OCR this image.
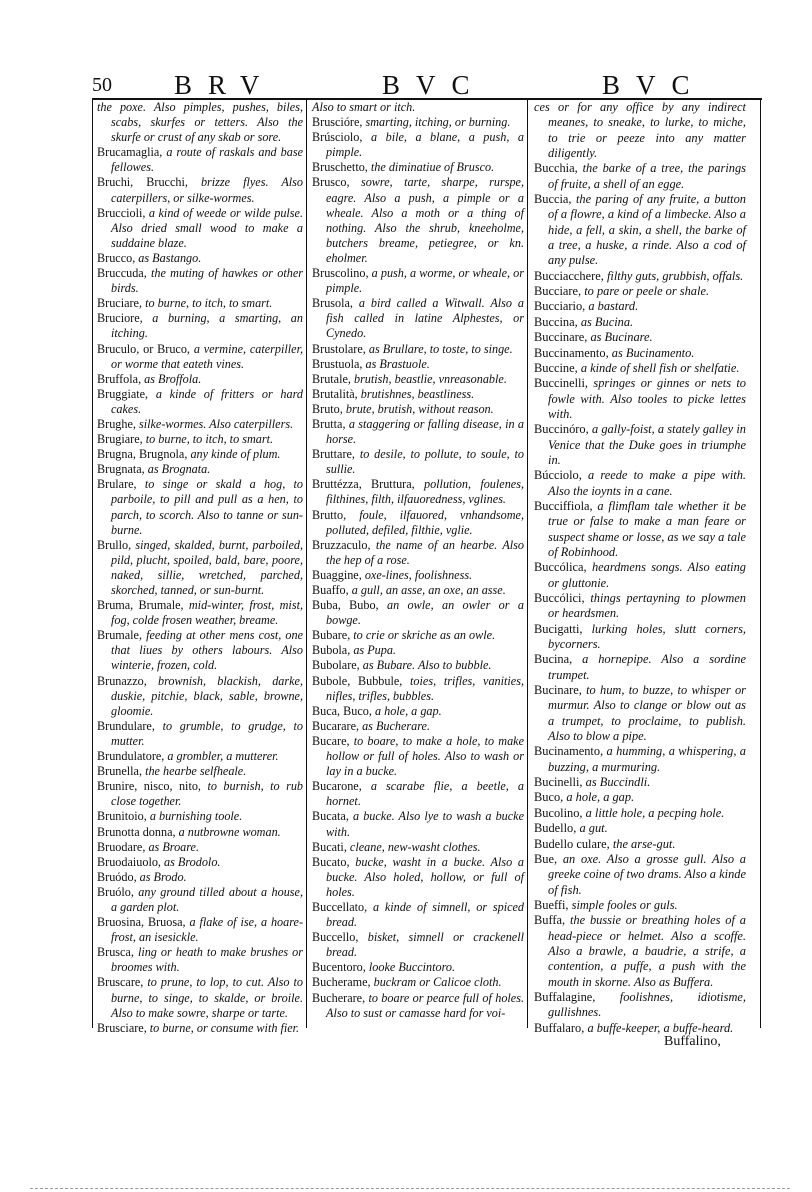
50 BRV	BVC	BVC

the poxe. Also pimples, pushes, biles, scabs, skurfes or tetters. Also the skurfe or crust of any skab or sore.

Brucamaglia, a route of raskals and base fellowes.

Bruchi, Brucchi, brizze flyes. Also caterpillers, or silke-wormes.

Bruccioli, a kind of weede or wilde pulse. Also dried small wood to make a suddaine blaze.

Brucco, as Bastango.

Bruccuda, the muting of hawkes or other birds.

Bruciare, to burne, to itch, to smart.

Bruciore, a burning, a smarting, an itching.

Bruculo, or Bruco, a vermine, caterpiller, or worme that eateth vines.

Bruffola, as Broffola.

Bruggiate, a kinde of fritters or hard cakes.

Brughe, silke-wormes. Also caterpillers.

Brugiare, to burne, to itch, to smart.

Brugna, Brugnola, any kinde of plum.

Brugnata, as Brognata.

Brulare, to singe or skald a hog, to parboile, to pill and pull as a hen, to parch, to scorch. Also to tanne or sun-burne.

Brullo, singed, skalded, burnt, parboiled, pild, plucht, spoiled, bald, bare, poore, naked, sillie, wretched, parched, skorched, tanned, or sun-burnt.

Bruma, Brumale, mid-winter, frost, mist, fog, colde frosen weather, breame.

Brumale, feeding at other mens cost, one that liues by others labours. Also winterie, frozen, cold.

Brunazzo, brownish, blackish, darke, duskie, pitchie, black, sable, browne, gloomie.

Brundulare, to grumble, to grudge, to mutter.

Brundulatore, a grombler, a mutterer.

Brunella, the hearbe selfheale.

Brunire, nisco, nito, to burnish, to rub close together.

Brunitoio, a burnishing toole.

Brunotta donna, a nutbrowne woman.

Bruodare, as Broare.

Bruodaiuolo, as Brodolo.

Bruódo, as Brodo.

Bruólo, any ground tilled about a house, a garden plot.

Bruosina, Bruosa, a flake of ise, a hoare-frost, an isesickle.

Brusca, ling or heath to make brushes or broomes with.

Bruscare, to prune, to lop, to cut. Also to burne, to singe, to skalde, or broile. Also to make sowre, sharpe or tarte.

Brusciare, to burne, or consume with fier.

Also to smart or itch.

Bruscióre, smarting, itching, or burning.

Brúsciolo, a bile, a blane, a push, a pimple.

Bruschetto, the diminatiue of Brusco.

Brusco, sowre, tarte, sharpe, rurspe, eagre. Also a push, a pimple or a wheale. Also a moth or a thing of nothing. Also the shrub, kneeholme, butchers breame, petiegree, or kn. eholmer.

Bruscolino, a push, a worme, or wheale, or pimple.

Brusola, a bird called a Witwall. Also a fish called in latine Alphestes, or Cynedo.

Brustolare, as Brullare, to toste, to singe.

Brustuola, as Brastuole.

Brutale, brutish, beastlie, vnreasonable.

Brutalità, brutishnes, beastliness.

Bruto, brute, brutish, without reason.

Brutta, a staggering or falling disease, in a horse.

Bruttare, to desile, to pollute, to soule, to sullie.

Bruttézza, Bruttura, pollution, foulenes, filthines, filth, ilfauoredness, vglines.

Brutto, foule, ilfauored, vnhandsome, polluted, defiled, filthie, vglie.

Bruzzaculo, the name of an hearbe. Also the hep of a rose.

Buaggine, oxe-lines, foolishness.

Buaffo, a gull, an asse, an oxe, an asse.

Buba, Bubo, an owle, an owler or a bowge.

Bubare, to crie or skriche as an owle.

Bubola, as Pupa.

Bubolare, as Bubare. Also to bubble.

Bubole, Bubbule, toies, trifles, vanities, nifles, trifles, bubbles.

Buca, Buco, a hole, a gap.

Bucarare, as Bucherare.

Bucare, to boare, to make a hole, to make hollow or full of holes. Also to wash or lay in a bucke.

Bucarone, a scarabe flie, a beetle, a hornet.

Bucata, a bucke. Also lye to wash a bucke with.

Bucati, cleane, new-washt clothes.

Bucato, bucke, washt in a bucke. Also a bucke. Also holed, hollow, or full of holes.

Buccellato, a kinde of simnell, or spiced bread.

Buccello, bisket, simnell or crackenell bread.

Bucentoro, looke Buccintoro.

Bucherame, buckram or Calicoe cloth.

Bucherare, to boare or pearce full of holes. Also to sust or camasse hard for voi-

ces or for any office by any indirect meanes, to sneake, to lurke, to miche, to trie or peeze into any matter diligently.

Bucchia, the barke of a tree, the parings of fruite, a shell of an egge.

Buccia, the paring of any fruite, a button of a flowre, a kind of a limbecke. Also a hide, a fell, a skin, a shell, the barke of a tree, a huske, a rinde. Also a cod of any pulse.

Bucciacchere, filthy guts, grubbish, offals.

Bucciare, to pare or peele or shale.

Bucciario, a bastard.

Buccina, as Bucina.

Buccinare, as Bucinare.

Buccinamento, as Bucinamento.

Buccine, a kinde of shell fish or shelfatie.

Buccinelli, springes or ginnes or nets to fowle with. Also tooles to picke lettes with.

Buccinóro, a gally-foist, a stately galley in Venice that the Duke goes in triumphe in.

Búcciolo, a reede to make a pipe with. Also the ioynts in a cane.

Bucciffiola, a flimflam tale whether it be true or false to make a man feare or suspect shame or losse, as we say a tale of Robinhood.

Buccólica, heardmens songs. Also eating or gluttonie.

Buccólici, things pertayning to plowmen or heardsmen.

Bucigatti, lurking holes, slutt corners, bycorners.

Bucina, a hornepipe. Also a sordine trumpet.

Bucinare, to hum, to buzze, to whisper or murmur. Also to clange or blow out as a trumpet, to proclaime, to publish. Also to blow a pipe.

Bucinamento, a humming, a whispering, a buzzing, a murmuring.

Bucinelli, as Buccindli.

Buco, a hole, a gap.

Bucolino, a little hole, a pecping hole.

Budello, a gut.

Budello culare, the arse-gut.

Bue, an oxe. Also a grosse gull. Also a greeke coine of two drams. Also a kinde of fish.

Bueffi, simple fooles or guls.

Buffa, the bussie or breathing holes of a head-piece or helmet. Also a scoffe. Also a brawle, a baudrie, a strife, a contention, a puffe, a push with the mouth in skorne. Also as Buffera.

Buffalagine, foolishnes, idiotisme, gullishnes.

Buffalaro, a buffe-keeper, a buffe-heard.

Buffalino,
